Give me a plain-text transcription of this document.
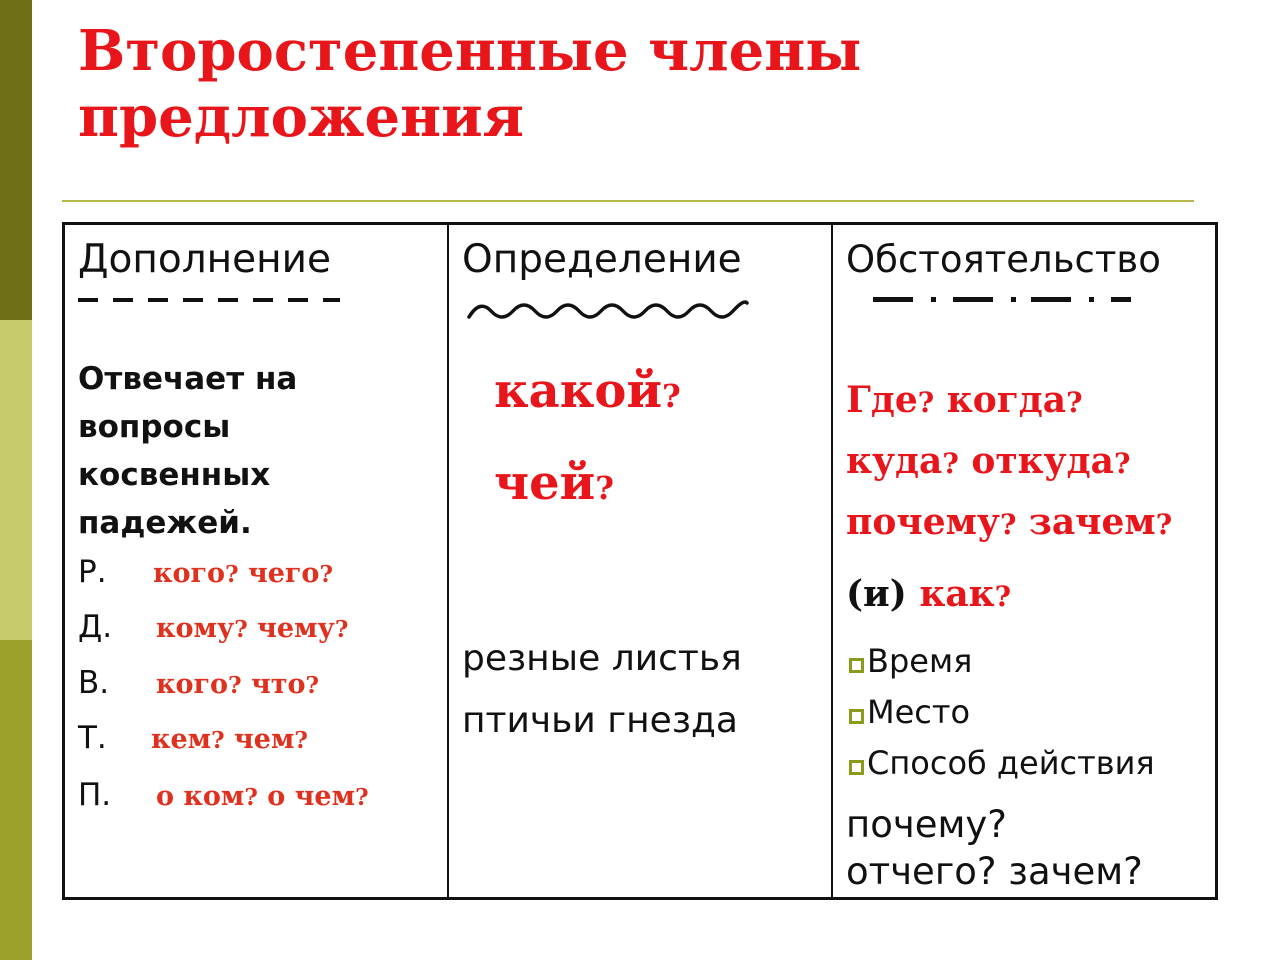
Второстепенные члены
предложения
Дополнение
Отвечает на
вопросы
косвенных
падежей.
Р. кого? чего?
Д. кому? чему?
В. кого? что?
Т. кем? чем?
П. о ком? о чем?
Определение
какой?
чей?
резные листья
птичьи гнезда
Обстоятельство
Где? когда?
куда? откуда?
почему? зачем?
(и) как?
Время
Место
Способ действия
почему?
отчего? зачем?
